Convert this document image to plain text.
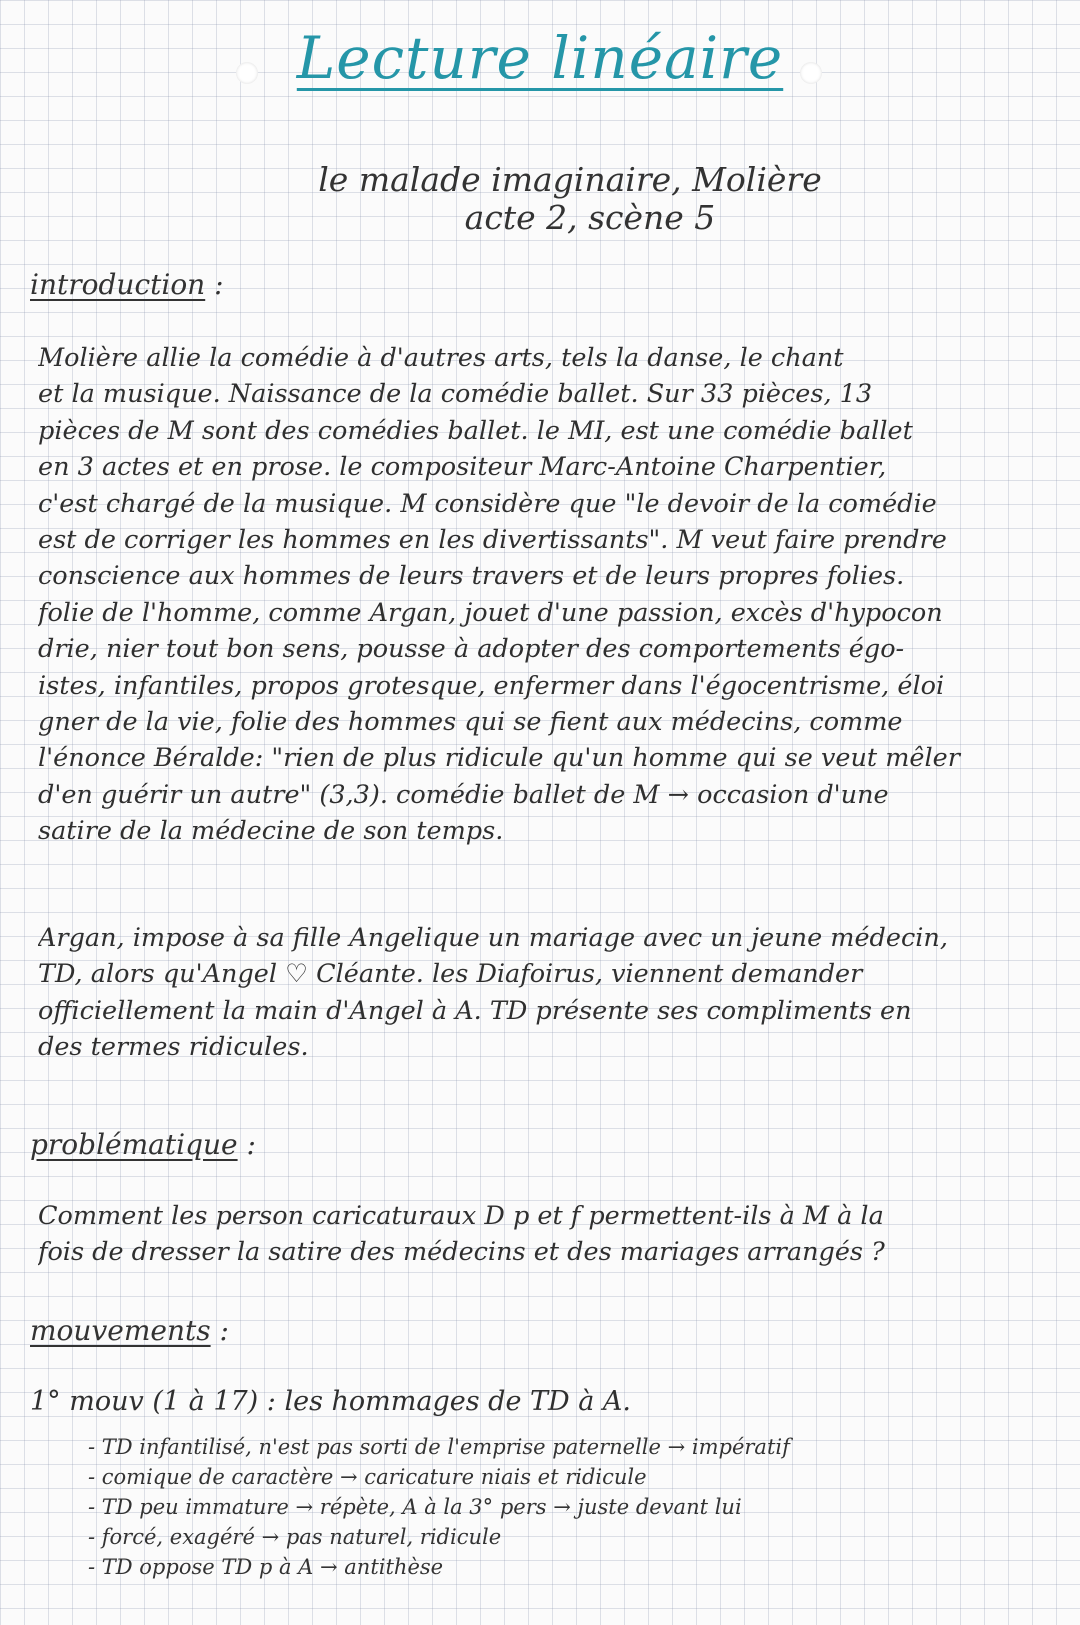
Lecture linéaire
le malade imaginaire, Molière
acte 2, scène 5
introduction :

Molière allie la comédie à d'autres arts, tels la danse, le chant

et la musique. Naissance de la comédie ballet. Sur 33 pièces, 13

pièces de M sont des comédies ballet. le MI, est une comédie ballet

en 3 actes et en prose. le compositeur Marc-Antoine Charpentier,

c'est chargé de la musique. M considère que "le devoir de la comédie

est de corriger les hommes en les divertissants". M veut faire prendre

conscience aux hommes de leurs travers et de leurs propres folies.

folie de l'homme, comme Argan, jouet d'une passion, excès d'hypocon

drie, nier tout bon sens, pousse à adopter des comportements égo-

istes, infantiles, propos grotesque, enfermer dans l'égocentrisme, éloi

gner de la vie, folie des hommes qui se fient aux médecins, comme

l'énonce Béralde: "rien de plus ridicule qu'un homme qui se veut mêler

d'en guérir un autre" (3,3). comédie ballet de M → occasion d'une

satire de la médecine de son temps.

Argan, impose à sa fille Angelique un mariage avec un jeune médecin,

TD, alors qu'Angel ♡ Cléante. les Diafoirus, viennent demander

officiellement la main d'Angel à A. TD présente ses compliments en

des termes ridicules.

problématique :

Comment les person caricaturaux D p et f permettent-ils à M à la

fois de dresser la satire des médecins et des mariages arrangés ?

mouvements :
1° mouv (1 à 17) : les hommages de TD à A.

- TD infantilisé, n'est pas sorti de l'emprise paternelle → impératif

- comique de caractère → caricature niais et ridicule

- TD peu immature → répète, A à la 3° pers → juste devant lui

- forcé, exagéré → pas naturel, ridicule

- TD oppose TD p à A → antithèse
